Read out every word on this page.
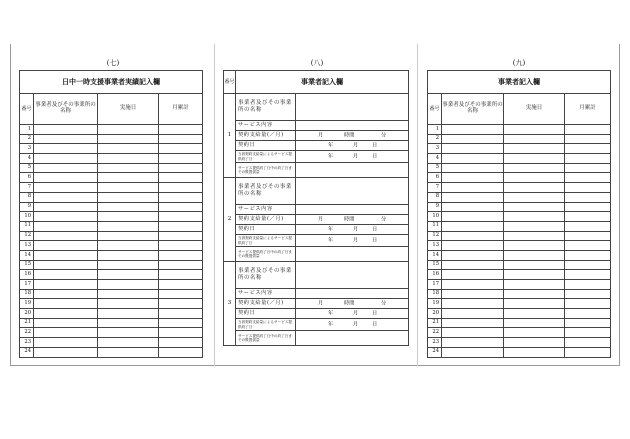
(七)	(八)	(九)
日中一時支援事業者実績記入欄			
番号	事業者及びその事業所の名称	実施日	月累計
1			
2			
3			
4			
5			
6			
7			
8			
9			
10			
11			
12			
13			
14			
15			
16			
17			
18			
19			
20			
21			
22			
23			
24			
番号	事業者記入欄	
1	事業者及びその事業所の名称	
	サービス内容	
	契約支給量(／月)	月 時間 分

	契約日	年 月 日

	当該契約支給量によるサービス提供終了日	年 月 日

	サービス提供終了日中の終了日までの既提供量	
2	事業者及びその事業所の名称	
	サービス内容	
	契約支給量(／月)	月 時間 分

	契約日	年 月 日

	当該契約支給量によるサービス提供終了日	年 月 日

	サービス提供終了日中の終了日までの既提供量	
3	事業者及びその事業所の名称	
	サービス内容	
	契約支給量(／月)	月 時間 分

	契約日	年 月 日

	当該契約支給量によるサービス提供終了日	年 月 日

	サービス提供終了日中の終了日までの既提供量	
事業者記入欄			
番号	事業者及びその事業所の名称	実施日	月累計
1			
2			
3			
4			
5			
6			
7			
8			
9			
10			
11			
12			
13			
14			
15			
16			
17			
18			
19			
20			
21			
22			
23			
24			
